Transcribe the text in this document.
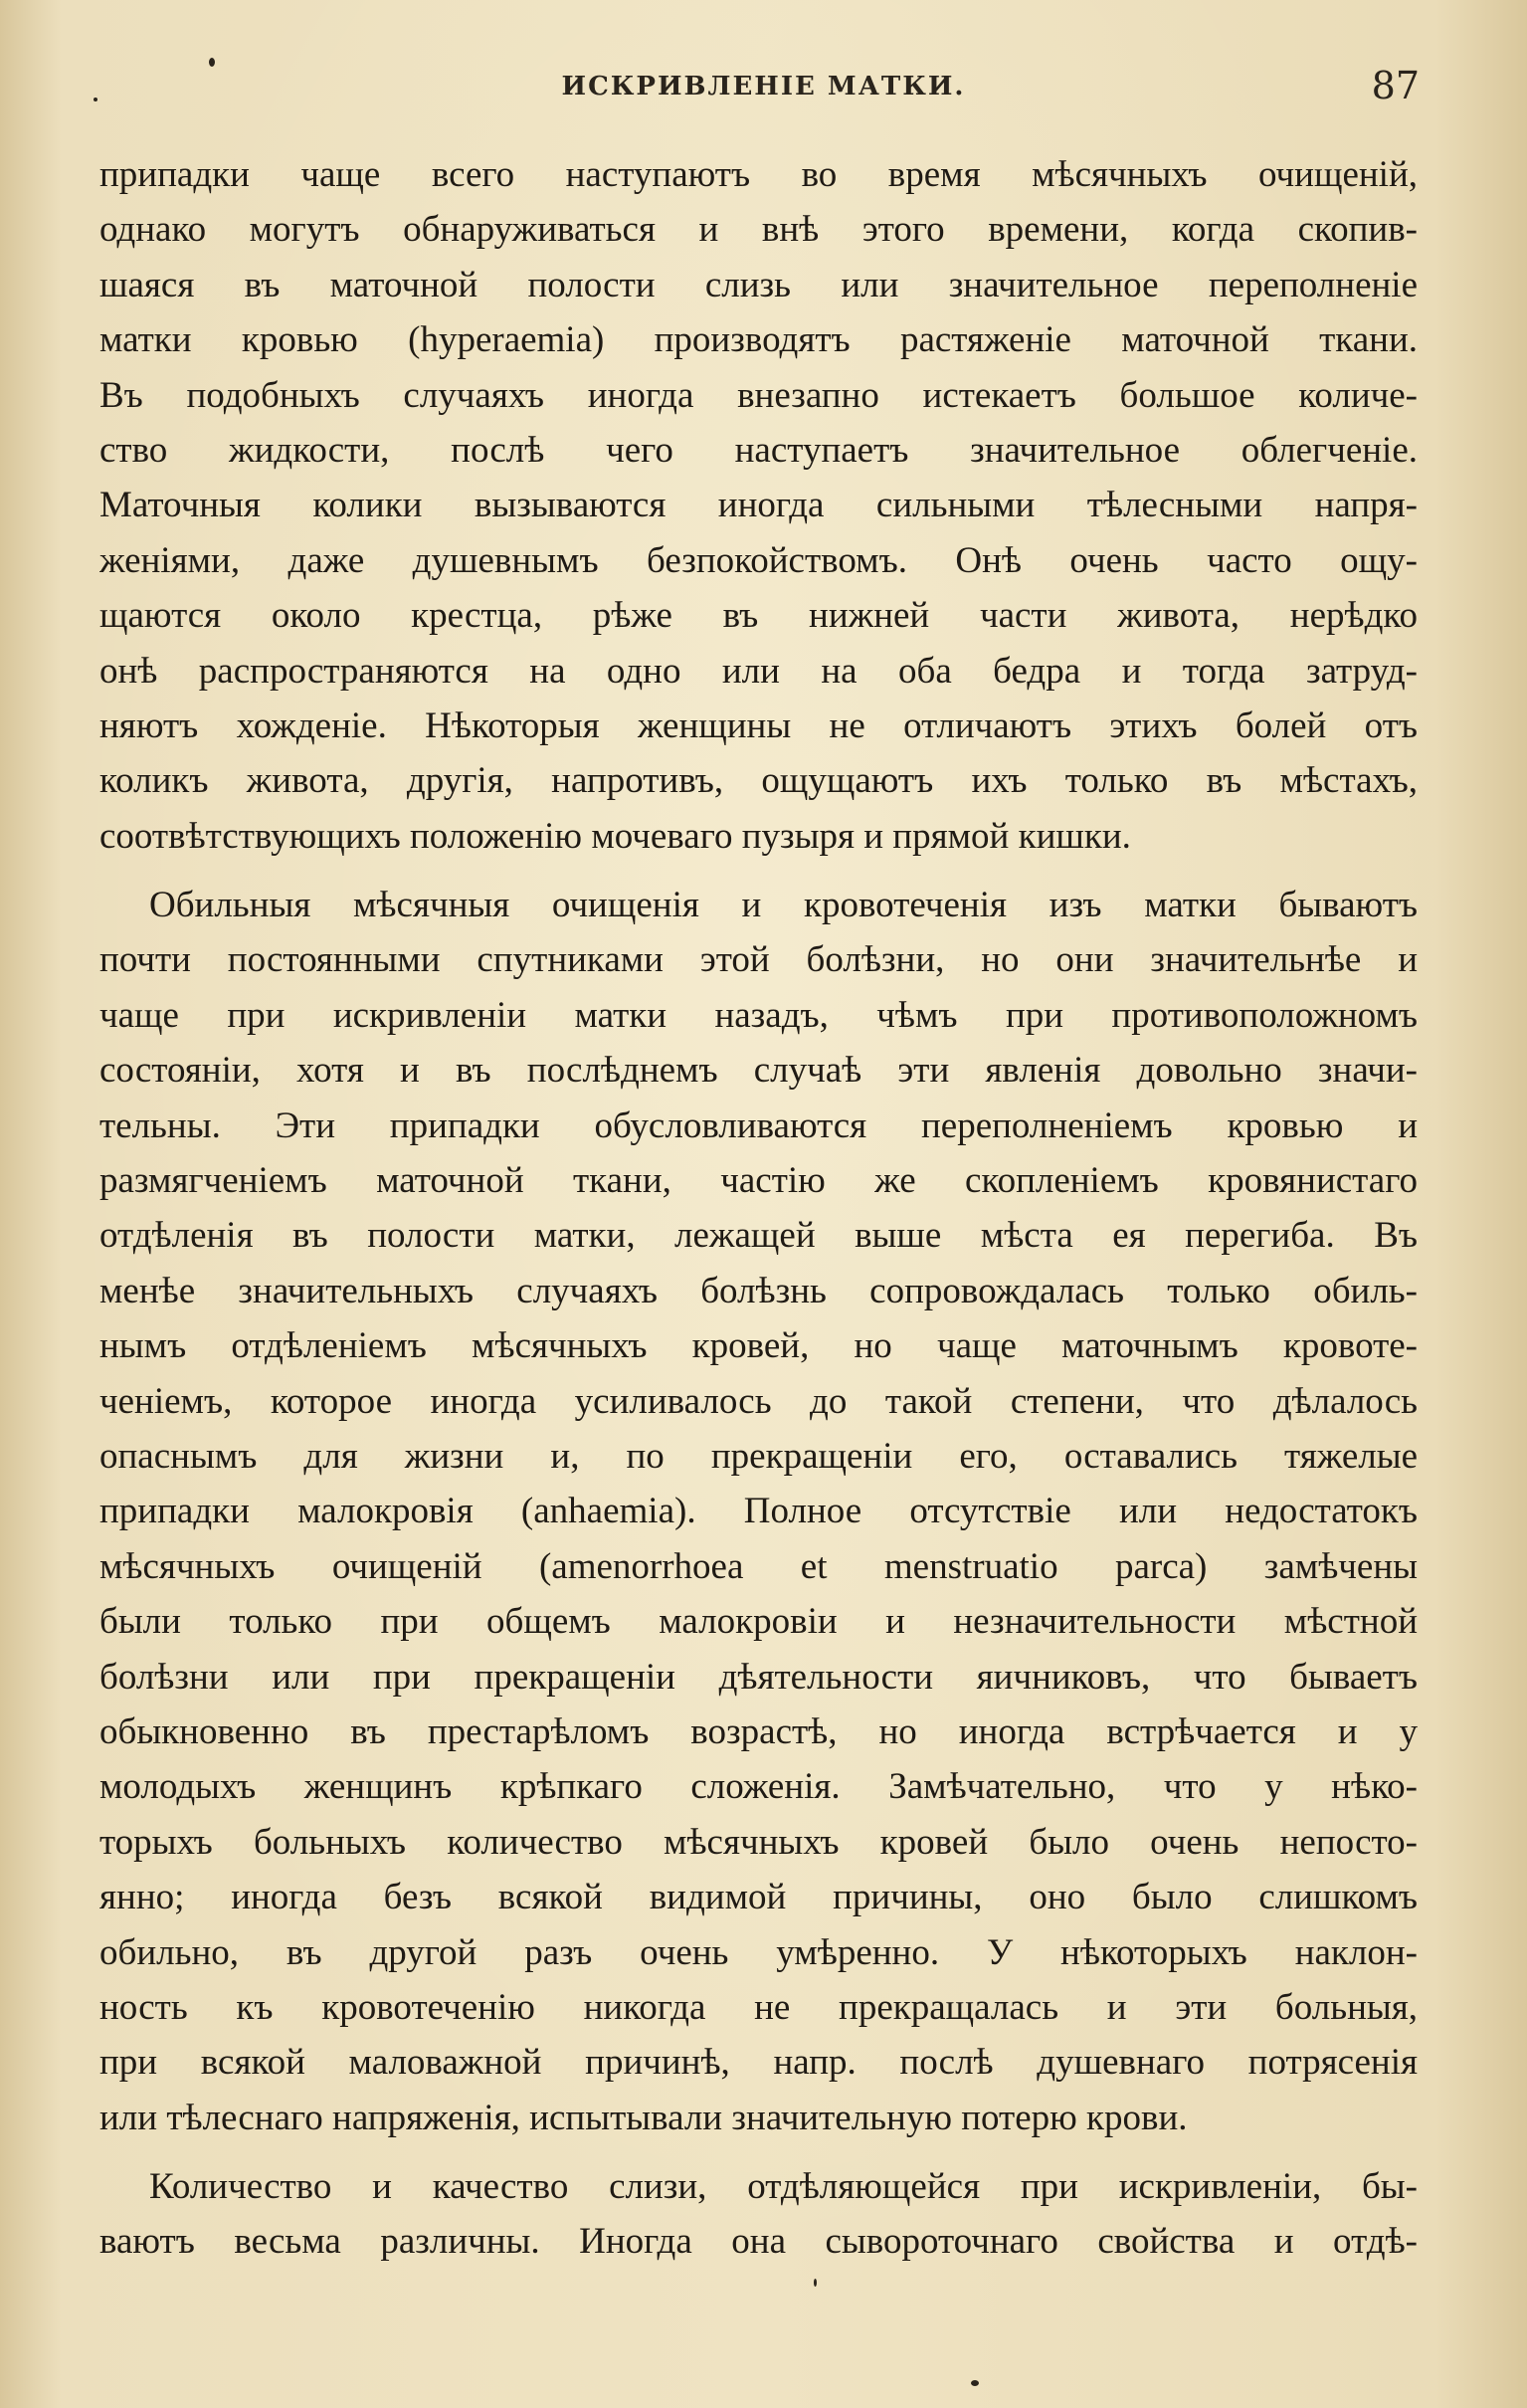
ИСКРИВЛЕНІЕ МАТКИ.	87
припадки чаще всего наступаютъ во время мѣсячныхъ очищеній,
однако могутъ обнаруживаться и внѣ этого времени, когда скопив-
шаяся въ маточной полости слизь или значительное переполненіе
матки кровью (hyperaemia) производятъ растяженіе маточной ткани.
Въ подобныхъ случаяхъ иногда внезапно истекаетъ большое количе-
ство жидкости, послѣ чего наступаетъ значительное облегченіе.
Маточныя колики вызываются иногда сильными тѣлесными напря-
женіями, даже душевнымъ безпокойствомъ. Онѣ очень часто ощу-
щаются около крестца, рѣже въ нижней части живота, нерѣдко
онѣ распространяются на одно или на оба бедра и тогда затруд-
няютъ хожденіе. Нѣкоторыя женщины не отличаютъ этихъ болей отъ
коликъ живота, другія, напротивъ, ощущаютъ ихъ только въ мѣстахъ,
соотвѣтствующихъ положенію мочеваго пузыря и прямой кишки.
Обильныя мѣсячныя очищенія и кровотеченія изъ матки бываютъ
почти постоянными спутниками этой болѣзни, но они значительнѣе и
чаще при искривленіи матки назадъ, чѣмъ при противоположномъ
состояніи, хотя и въ послѣднемъ случаѣ эти явленія довольно значи-
тельны. Эти припадки обусловливаются переполненіемъ кровью и
размягченіемъ маточной ткани, частію же скопленіемъ кровянистаго
отдѣленія въ полости матки, лежащей выше мѣста ея перегиба. Въ
менѣе значительныхъ случаяхъ болѣзнь сопровождалась только обиль-
нымъ отдѣленіемъ мѣсячныхъ кровей, но чаще маточнымъ кровоте-
ченіемъ, которое иногда усиливалось до такой степени, что дѣлалось
опаснымъ для жизни и, по прекращеніи его, оставались тяжелые
припадки малокровія (anhaemia). Полное отсутствіе или недостатокъ
мѣсячныхъ очищеній (amenorrhoea et menstruatio parca) замѣчены
были только при общемъ малокровіи и незначительности мѣстной
болѣзни или при прекращеніи дѣятельности яичниковъ, что бываетъ
обыкновенно въ престарѣломъ возрастѣ, но иногда встрѣчается и у
молодыхъ женщинъ крѣпкаго сложенія. Замѣчательно, что у нѣко-
торыхъ больныхъ количество мѣсячныхъ кровей было очень непосто-
янно; иногда безъ всякой видимой причины, оно было слишкомъ
обильно, въ другой разъ очень умѣренно. У нѣкоторыхъ наклон-
ность къ кровотеченію никогда не прекращалась и эти больныя,
при всякой маловажной причинѣ, напр. послѣ душевнаго потрясенія
или тѣлеснаго напряженія, испытывали значительную потерю крови.
Количество и качество слизи, отдѣляющейся при искривленіи, бы-
ваютъ весьма различны. Иногда она сывороточнаго свойства и отдѣ-
